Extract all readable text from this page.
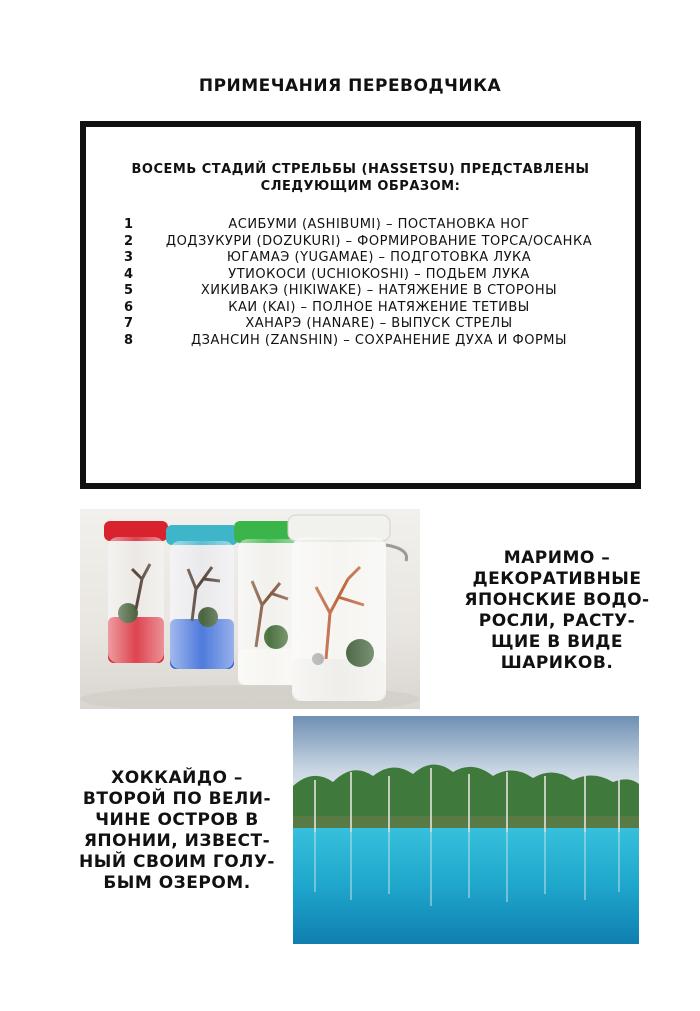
ПРИМЕЧАНИЯ ПЕРЕВОДЧИКА
ВОСЕМЬ СТАДИЙ СТРЕЛЬБЫ (HASSETSU) ПРЕДСТАВЛЕНЫ
СЛЕДУЮЩИМ ОБРАЗОМ:
1	АСИБУМИ (ASHIBUMI) – ПОСТАНОВКА НОГ
2	ДОДЗУКУРИ (DOZUKURI) – ФОРМИРОВАНИЕ ТОРСА/ОСАНКА
3	ЮГАМАЭ (YUGAMAE) – ПОДГОТОВКА ЛУКА
4	УТИОКОСИ (UCHIOKOSHI) – ПОДЬЕМ ЛУКА
5	ХИКИВАКЭ (HIKIWAKE) – НАТЯЖЕНИЕ В СТОРОНЫ
6	КАИ (KAI) – ПОЛНОЕ НАТЯЖЕНИЕ ТЕТИВЫ
7	ХАНАРЭ (HANARE) – ВЫПУСК СТРЕЛЫ
8	ДЗАНСИН (ZANSHIN) – СОХРАНЕНИЕ ДУХА И ФОРМЫ
МАРИМО –
ДЕКОРАТИВНЫЕ
ЯПОНСКИЕ ВОДО-
РОСЛИ, РАСТУ-
ЩИЕ В ВИДЕ
ШАРИКОВ.
ХОККАЙДО –
ВТОРОЙ ПО ВЕЛИ-
ЧИНЕ ОСТРОВ В
ЯПОНИИ, ИЗВЕСТ-
НЫЙ СВОИМ ГОЛУ-
БЫМ ОЗЕРОМ.
